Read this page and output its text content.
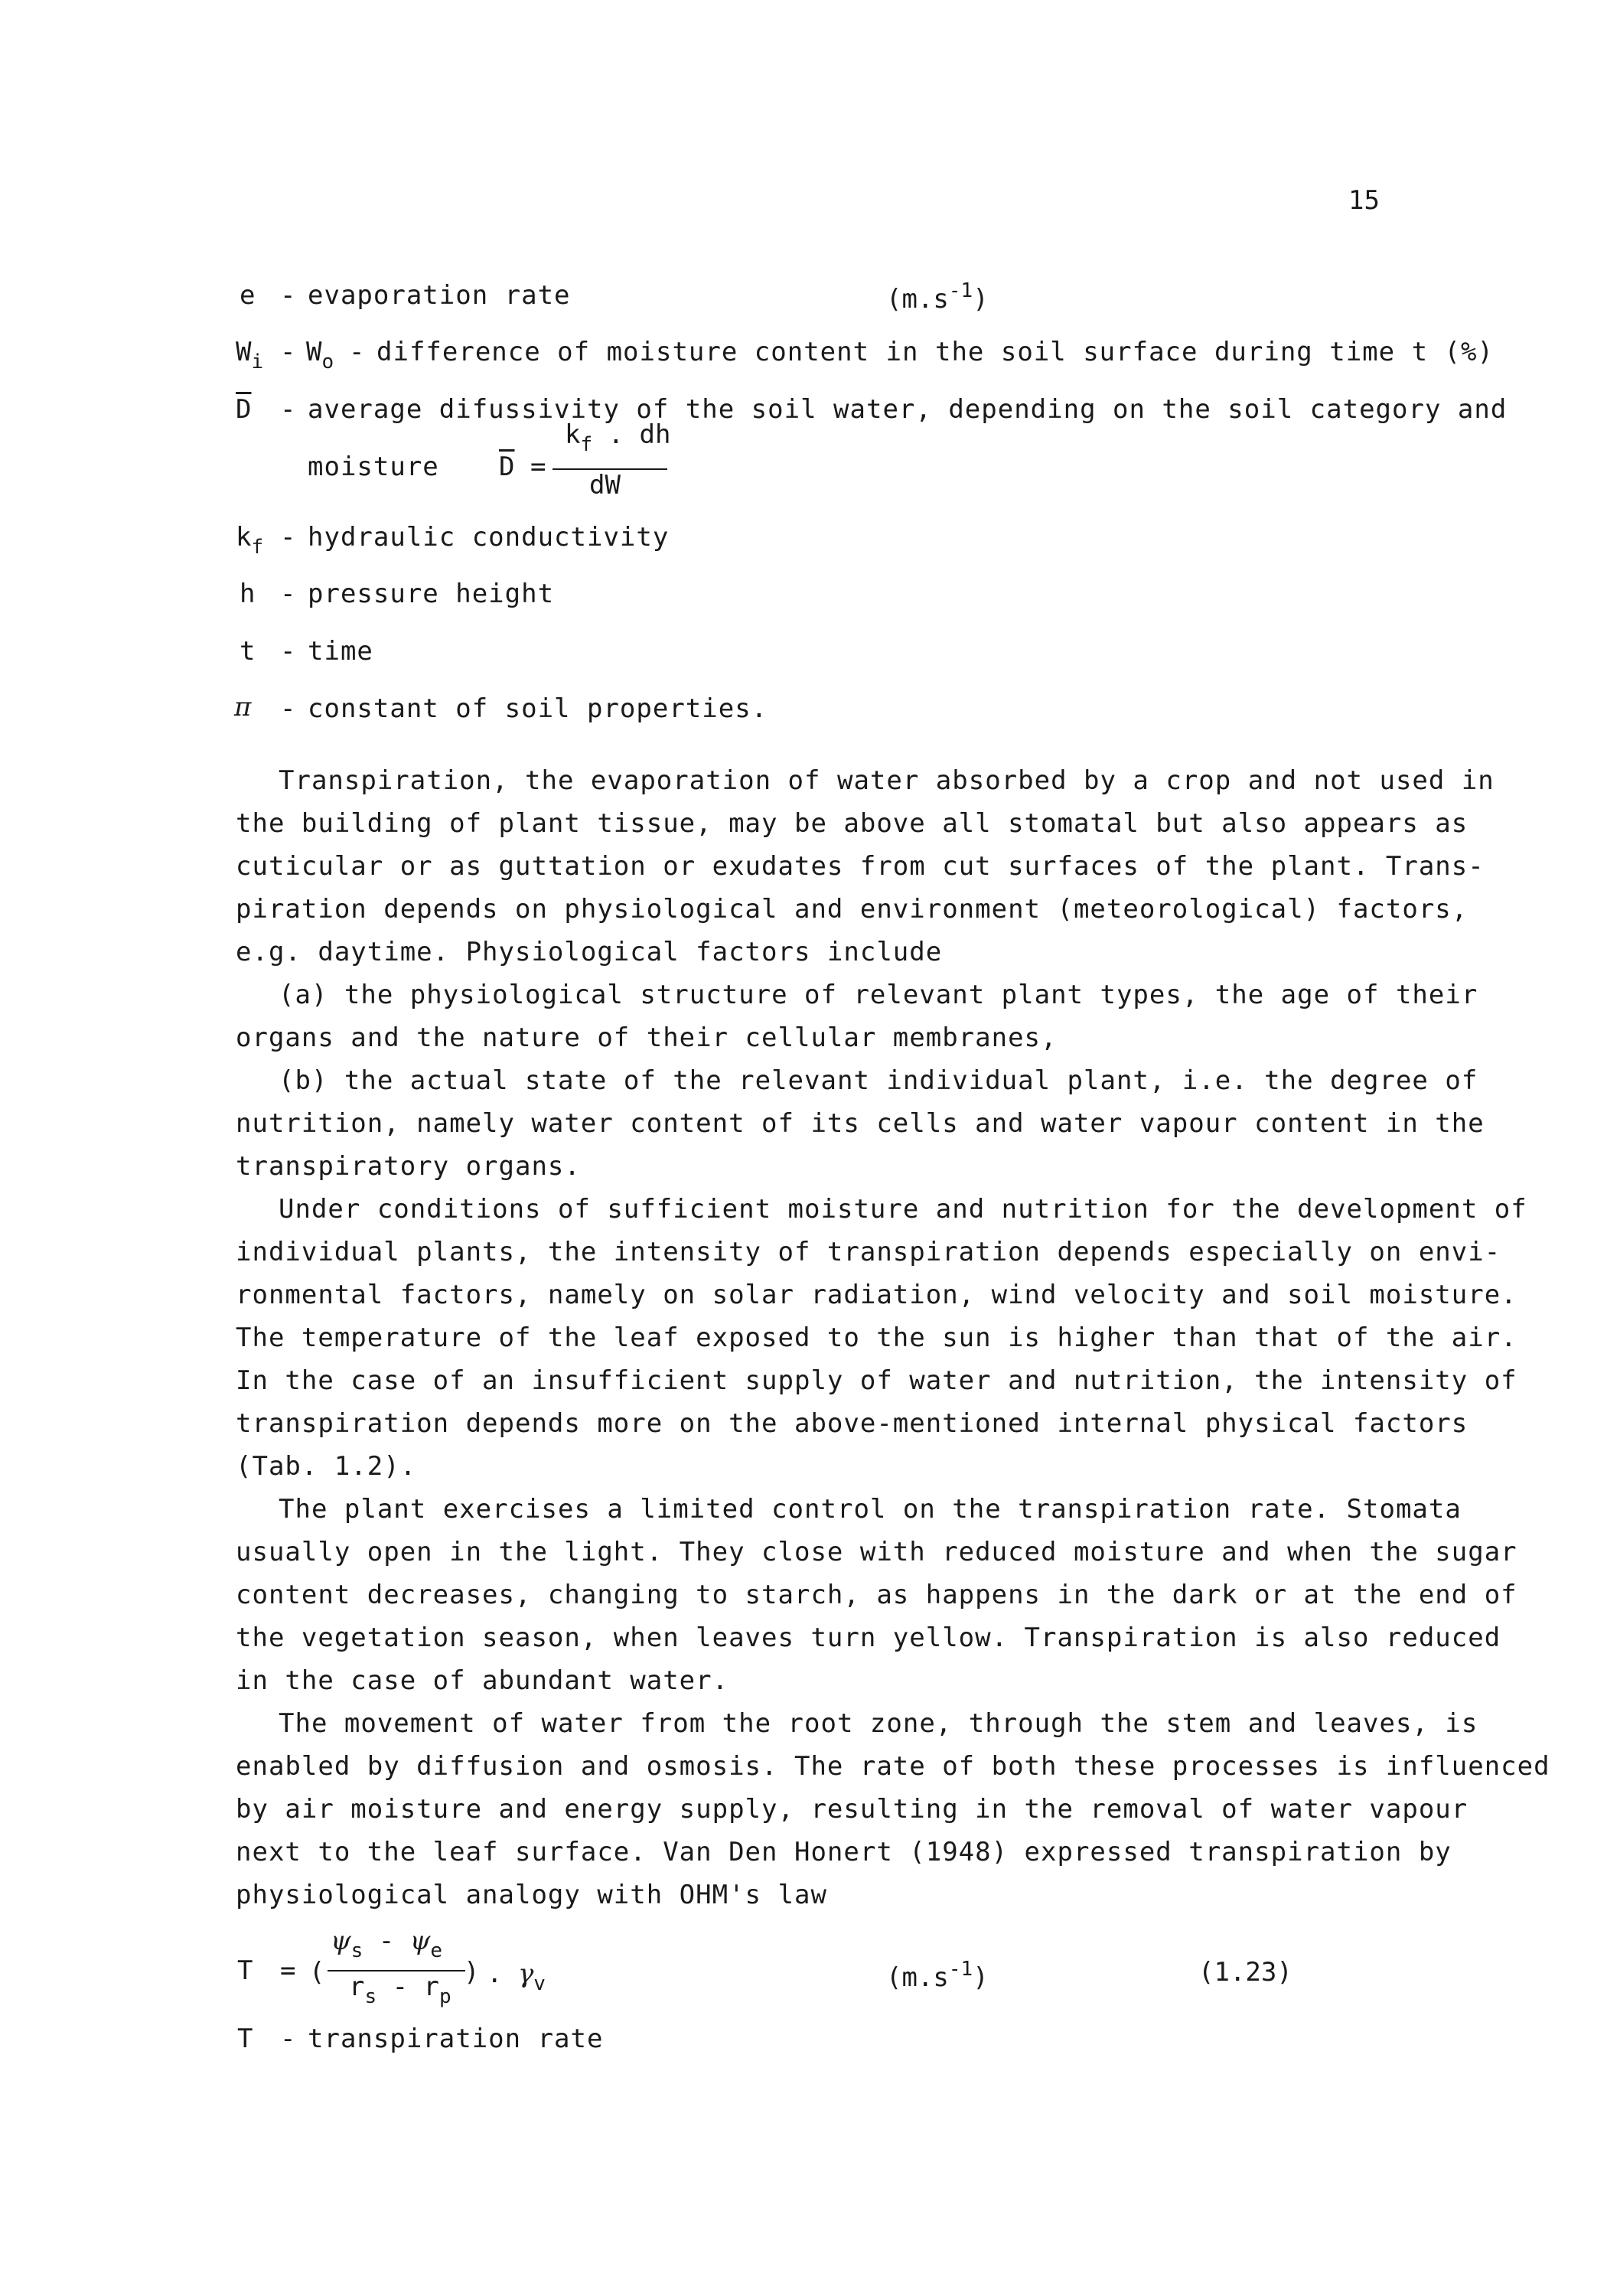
15
e - evaporation rate	$(m.s^{-1})$
$W_i - W_o$ - difference of moisture content in the soil surface during time t (%)
$\overline{D}$ - average difussivity of the soil water, depending on the soil category and
moisture $\overline{D}$ =
$k_f$ . dh
dW
$k_f$ - hydraulic conductivity
h - pressure height
t - time
π - constant of soil properties.
Transpiration, the evaporation of water absorbed by a crop and not used in
the building of plant tissue, may be above all stomatal but also appears as
cuticular or as guttation or exudates from cut surfaces of the plant. Trans-
piration depends on physiological and environment (meteorological) factors,
e.g. daytime. Physiological factors include
(a) the physiological structure of relevant plant types, the age of their
organs and the nature of their cellular membranes,
(b) the actual state of the relevant individual plant, i.e. the degree of
nutrition, namely water content of its cells and water vapour content in the
transpiratory organs.
Under conditions of sufficient moisture and nutrition for the development of
individual plants, the intensity of transpiration depends especially on envi-
ronmental factors, namely on solar radiation, wind velocity and soil moisture.
The temperature of the leaf exposed to the sun is higher than that of the air.
In the case of an insufficient supply of water and nutrition, the intensity of
transpiration depends more on the above-mentioned internal physical factors
(Tab. 1.2).
The plant exercises a limited control on the transpiration rate. Stomata
usually open in the light. They close with reduced moisture and when the sugar
content decreases, changing to starch, as happens in the dark or at the end of
the vegetation season, when leaves turn yellow. Transpiration is also reduced
in the case of abundant water.
The movement of water from the root zone, through the stem and leaves, is
enabled by diffusion and osmosis. The rate of both these processes is influenced
by air moisture and energy supply, resulting in the removal of water vapour
next to the leaf surface. Van Den Honert (1948) expressed transpiration by
physiological analogy with OHM's law
T = (
$\psi_s - \psi_e$
$r_s - r_p$
) . $\gamma_v$	$(m.s^{-1})$	(1.23)
T - transpiration rate
